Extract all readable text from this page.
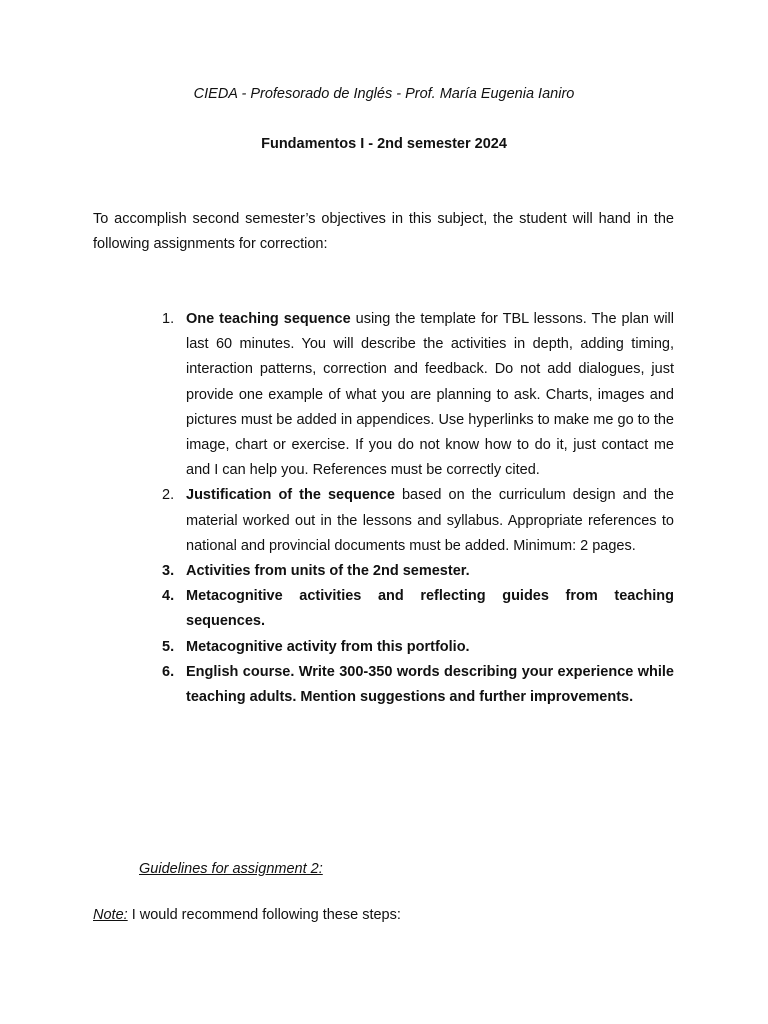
CIEDA - Profesorado de Inglés - Prof. María Eugenia Ianiro
Fundamentos I - 2nd semester 2024

To accomplish second semester’s objectives in this subject, the student will hand in the following assignments for correction:

1. One teaching sequence using the template for TBL lessons. The plan will last 60 minutes. You will describe the activities in depth, adding timing, interaction patterns, correction and feedback. Do not add dialogues, just provide one example of what you are planning to ask. Charts, images and pictures must be added in appendices. Use hyperlinks to make me go to the image, chart or exercise. If you do not know how to do it, just contact me and I can help you. References must be correctly cited.
2. Justification of the sequence based on the curriculum design and the material worked out in the lessons and syllabus. Appropriate references to national and provincial documents must be added. Minimum: 2 pages.
3. Activities from units of the 2nd semester.
4. Metacognitive activities and reflecting guides from teaching sequences.
5. Metacognitive activity from this portfolio.
6. English course. Write 300-350 words describing your experience while teaching adults. Mention suggestions and further improvements.
Guidelines for assignment 2:
Note: I would recommend following these steps:
